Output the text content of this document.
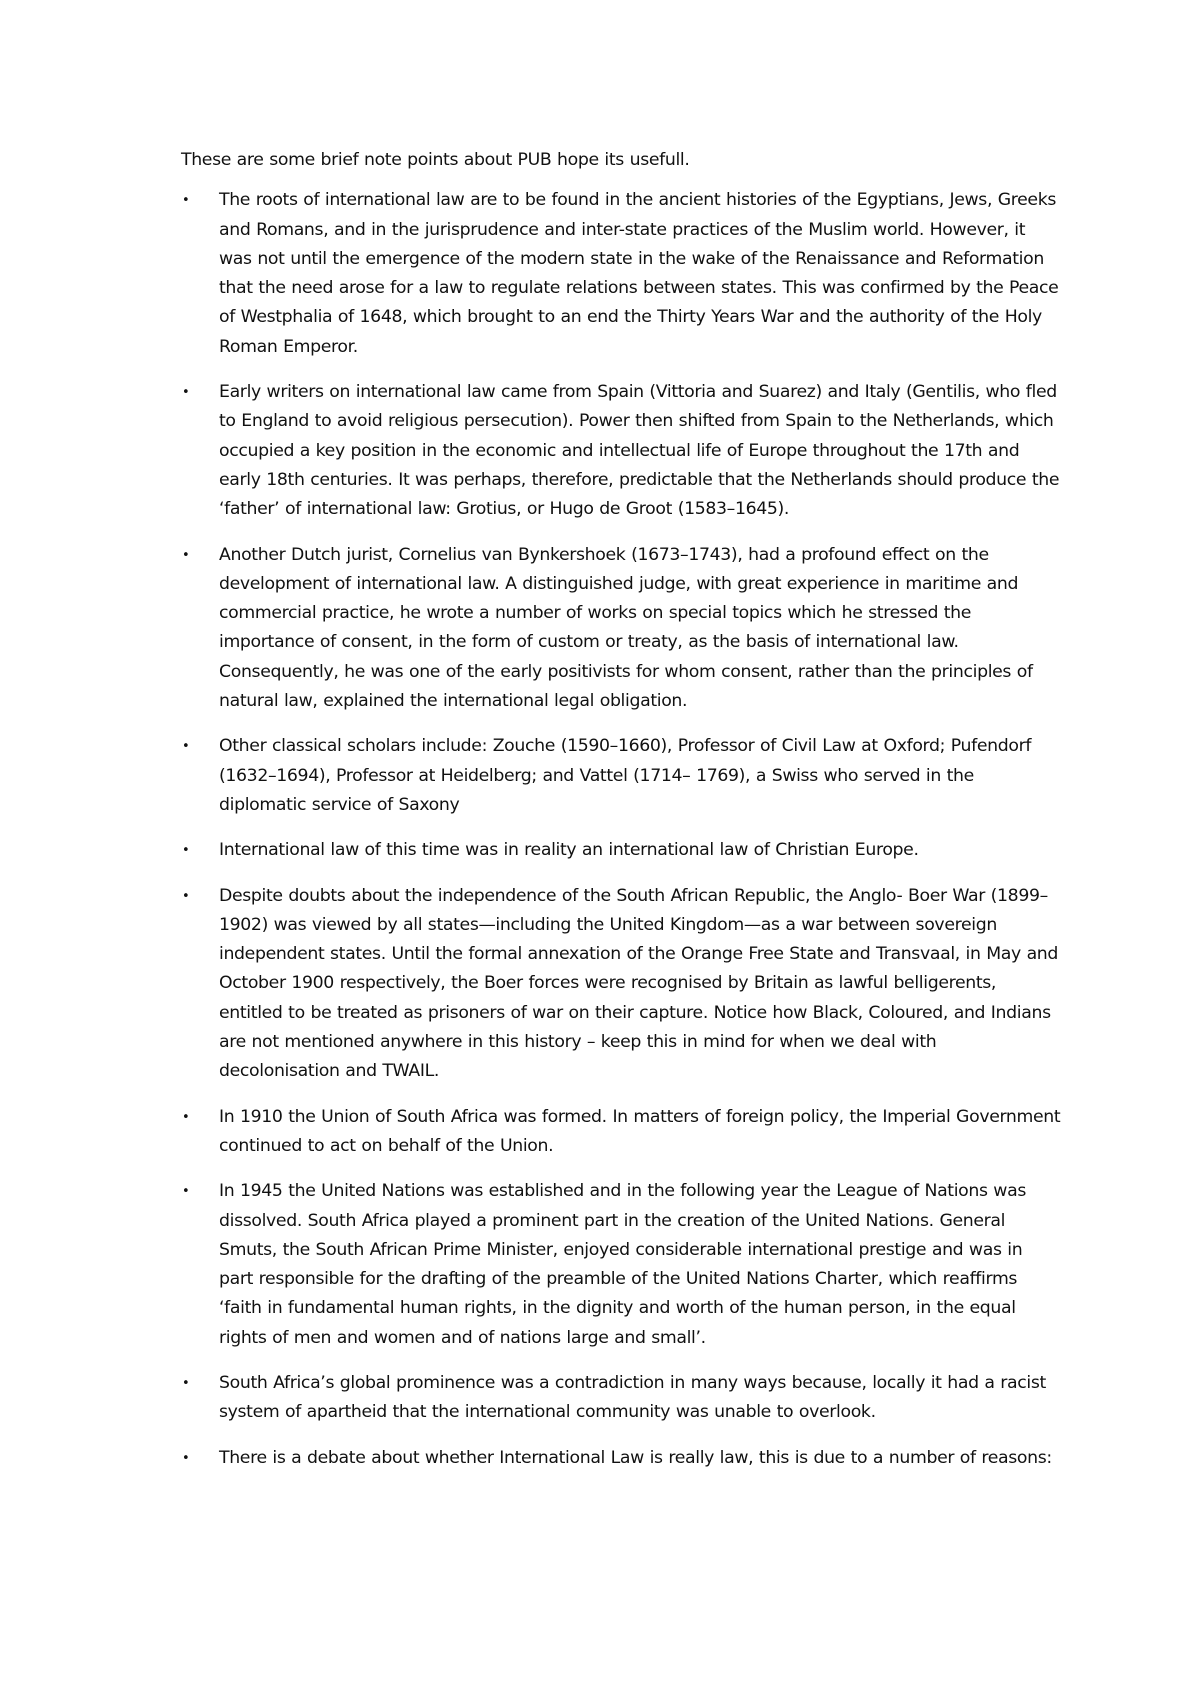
These are some brief note points about PUB hope its usefull.

• The roots of international law are to be found in the ancient histories of the Egyptians, Jews, Greeks and Romans, and in the jurisprudence and inter-state practices of the Muslim world. However, it was not until the emergence of the modern state in the wake of the Renaissance and Reformation that the need arose for a law to regulate relations between states. This was confirmed by the Peace of Westphalia of 1648, which brought to an end the Thirty Years War and the authority of the Holy Roman Emperor.
• Early writers on international law came from Spain (Vittoria and Suarez) and Italy (Gentilis, who fled to England to avoid religious persecution). Power then shifted from Spain to the Netherlands, which occupied a key position in the economic and intellectual life of Europe throughout the 17th and early 18th centuries. It was perhaps, therefore, predictable that the Netherlands should produce the ‘father’ of international law: Grotius, or Hugo de Groot (1583–1645).
• Another Dutch jurist, Cornelius van Bynkershoek (1673–1743), had a profound effect on the development of international law. A distinguished judge, with great experience in maritime and commercial practice, he wrote a number of works on special topics which he stressed the importance of consent, in the form of custom or treaty, as the basis of international law. Consequently, he was one of the early positivists for whom consent, rather than the principles of natural law, explained the international legal obligation.
• Other classical scholars include: Zouche (1590–1660), Professor of Civil Law at Oxford; Pufendorf (1632–1694), Professor at Heidelberg; and Vattel (1714– 1769), a Swiss who served in the diplomatic service of Saxony
• International law of this time was in reality an international law of Christian Europe.
• Despite doubts about the independence of the South African Republic, the Anglo- Boer War (1899–1902) was viewed by all states—including the United Kingdom—as a war between sovereign independent states. Until the formal annexation of the Orange Free State and Transvaal, in May and October 1900 respectively, the Boer forces were recognised by Britain as lawful belligerents, entitled to be treated as prisoners of war on their capture. Notice how Black, Coloured, and Indians are not mentioned anywhere in this history – keep this in mind for when we deal with decolonisation and TWAIL.
• In 1910 the Union of South Africa was formed. In matters of foreign policy, the Imperial Government continued to act on behalf of the Union.
• In 1945 the United Nations was established and in the following year the League of Nations was dissolved. South Africa played a prominent part in the creation of the United Nations. General Smuts, the South African Prime Minister, enjoyed considerable international prestige and was in part responsible for the drafting of the preamble of the United Nations Charter, which reaffirms ‘faith in fundamental human rights, in the dignity and worth of the human person, in the equal rights of men and women and of nations large and small’.
• South Africa’s global prominence was a contradiction in many ways because, locally it had a racist system of apartheid that the international community was unable to overlook.
• There is a debate about whether International Law is really law, this is due to a number of reasons:
